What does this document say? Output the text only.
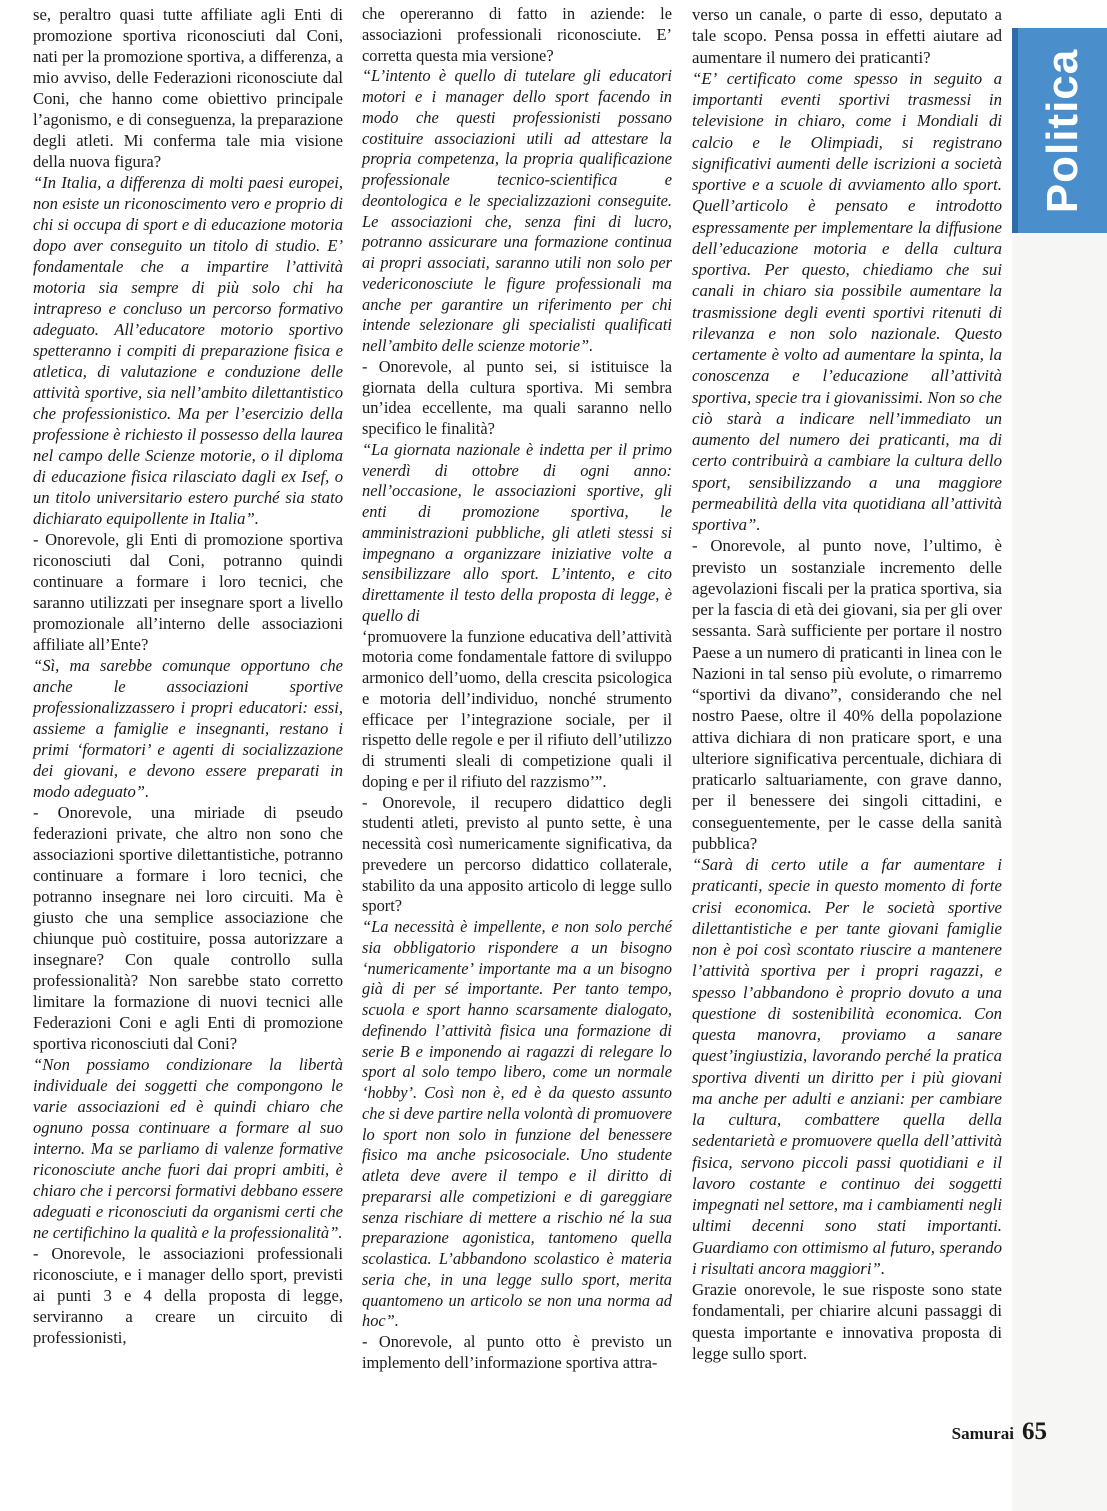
Politica

se, peraltro quasi tutte affiliate agli Enti di promozione sportiva riconosciuti dal Coni, nati per la promozione sportiva, a differenza, a mio avviso, delle Federazioni riconosciute dal Coni, che hanno come obiettivo principale l’agonismo, e di conseguenza, la preparazione degli atleti. Mi conferma tale mia visione della nuova figura?

“In Italia, a differenza di molti paesi europei, non esiste un riconoscimento vero e proprio di chi si occupa di sport e di educazione motoria dopo aver conseguito un titolo di studio. E’ fondamentale che a impartire l’attività motoria sia sempre di più solo chi ha intrapreso e concluso un percorso formativo adeguato. All’educatore motorio sportivo spetteranno i compiti di preparazione fisica e atletica, di valutazione e conduzione delle attività sportive, sia nell’ambito dilettantistico che professionistico. Ma per l’esercizio della professione è richiesto il possesso della laurea nel campo delle Scienze motorie, o il diploma di educazione fisica rilasciato dagli ex Isef, o un titolo universitario estero purché sia stato dichiarato equipollente in Italia”.

- Onorevole, gli Enti di promozione sportiva riconosciuti dal Coni, potranno quindi continuare a formare i loro tecnici, che saranno utilizzati per insegnare sport a livello promozionale all’interno delle associazioni affiliate all’Ente?

“Sì, ma sarebbe comunque opportuno che anche le associazioni sportive professionalizzassero i propri educatori: essi, assieme a famiglie e insegnanti, restano i primi ‘formatori’ e agenti di socializzazione dei giovani, e devono essere preparati in modo adeguato”.

- Onorevole, una miriade di pseudo federazioni private, che altro non sono che associazioni sportive dilettantistiche, potranno continuare a formare i loro tecnici, che potranno insegnare nei loro circuiti. Ma è giusto che una semplice associazione che chiunque può costituire, possa autorizzare a insegnare? Con quale controllo sulla professionalità? Non sarebbe stato corretto limitare la formazione di nuovi tecnici alle Federazioni Coni e agli Enti di promozione sportiva riconosciuti dal Coni?

“Non possiamo condizionare la libertà individuale dei soggetti che compongono le varie associazioni ed è quindi chiaro che ognuno possa continuare a formare al suo interno. Ma se parliamo di valenze formative riconosciute anche fuori dai propri ambiti, è chiaro che i percorsi formativi debbano essere adeguati e riconosciuti da organismi certi che ne certifichino la qualità e la professionalità”.

- Onorevole, le associazioni professionali riconosciute, e i manager dello sport, previsti ai punti 3 e 4 della proposta di legge, serviranno a creare un circuito di professionisti,

che opereranno di fatto in aziende: le associazioni professionali riconosciute. E’ corretta questa mia versione?

“L’intento è quello di tutelare gli educatori motori e i manager dello sport facendo in modo che questi professionisti possano costituire associazioni utili ad attestare la propria competenza, la propria qualificazione professionale tecnico-scientifica e deontologica e le specializzazioni conseguite. Le associazioni che, senza fini di lucro, potranno assicurare una formazione continua ai propri associati, saranno utili non solo per vedericonosciute le figure professionali ma anche per garantire un riferimento per chi intende selezionare gli specialisti qualificati nell’ambito delle scienze motorie”.

- Onorevole, al punto sei, si istituisce la giornata della cultura sportiva. Mi sembra un’idea eccellente, ma quali saranno nello specifico le finalità?

“La giornata nazionale è indetta per il primo venerdì di ottobre di ogni anno: nell’occasione, le associazioni sportive, gli enti di promozione sportiva, le amministrazioni pubbliche, gli atleti stessi si impegnano a organizzare iniziative volte a sensibilizzare allo sport. L’intento, e cito direttamente il testo della proposta di legge, è quello di

‘promuovere la funzione educativa dell’attività motoria come fondamentale fattore di sviluppo armonico dell’uomo, della crescita psicologica e motoria dell’individuo, nonché strumento efficace per l’integrazione sociale, per il rispetto delle regole e per il rifiuto dell’utilizzo di strumenti sleali di competizione quali il doping e per il rifiuto del razzismo’”.

- Onorevole, il recupero didattico degli studenti atleti, previsto al punto sette, è una necessità così numericamente significativa, da prevedere un percorso didattico collaterale, stabilito da una apposito articolo di legge sullo sport?

“La necessità è impellente, e non solo perché sia obbligatorio rispondere a un bisogno ‘numericamente’ importante ma a un bisogno già di per sé importante. Per tanto tempo, scuola e sport hanno scarsamente dialogato, definendo l’attività fisica una formazione di serie B e imponendo ai ragazzi di relegare lo sport al solo tempo libero, come un normale ‘hobby’. Così non è, ed è da questo assunto che si deve partire nella volontà di promuovere lo sport non solo in funzione del benessere fisico ma anche psicosociale. Uno studente atleta deve avere il tempo e il diritto di prepararsi alle competizioni e di gareggiare senza rischiare di mettere a rischio né la sua preparazione agonistica, tantomeno quella scolastica. L’abbandono scolastico è materia seria che, in una legge sullo sport, merita quantomeno un articolo se non una norma ad hoc”.

- Onorevole, al punto otto è previsto un implemento dell’informazione sportiva attra-

verso un canale, o parte di esso, deputato a tale scopo. Pensa possa in effetti aiutare ad aumentare il numero dei praticanti?

“E’ certificato come spesso in seguito a importanti eventi sportivi trasmessi in televisione in chiaro, come i Mondiali di calcio e le Olimpiadi, si registrano significativi aumenti delle iscrizioni a società sportive e a scuole di avviamento allo sport. Quell’articolo è pensato e introdotto espressamente per implementare la diffusione dell’educazione motoria e della cultura sportiva. Per questo, chiediamo che sui canali in chiaro sia possibile aumentare la trasmissione degli eventi sportivi ritenuti di rilevanza e non solo nazionale. Questo certamente è volto ad aumentare la spinta, la conoscenza e l’educazione all’attività sportiva, specie tra i giovanissimi. Non so che ciò starà a indicare nell’immediato un aumento del numero dei praticanti, ma di certo contribuirà a cambiare la cultura dello sport, sensibilizzando a una maggiore permeabilità della vita quotidiana all’attività sportiva”.

- Onorevole, al punto nove, l’ultimo, è previsto un sostanziale incremento delle agevolazioni fiscali per la pratica sportiva, sia per la fascia di età dei giovani, sia per gli over sessanta. Sarà sufficiente per portare il nostro Paese a un numero di praticanti in linea con le Nazioni in tal senso più evolute, o rimarremo “sportivi da divano”, considerando che nel nostro Paese, oltre il 40% della popolazione attiva dichiara di non praticare sport, e una ulteriore significativa percentuale, dichiara di praticarlo saltuariamente, con grave danno, per il benessere dei singoli cittadini, e conseguentemente, per le casse della sanità pubblica?

“Sarà di certo utile a far aumentare i praticanti, specie in questo momento di forte crisi economica. Per le società sportive dilettantistiche e per tante giovani famiglie non è poi così scontato riuscire a mantenere l’attività sportiva per i propri ragazzi, e spesso l’abbandono è proprio dovuto a una questione di sostenibilità economica. Con questa manovra, proviamo a sanare quest’ingiustizia, lavorando perché la pratica sportiva diventi un diritto per i più giovani ma anche per adulti e anziani: per cambiare la cultura, combattere quella della sedentarietà e promuovere quella dell’attività fisica, servono piccoli passi quotidiani e il lavoro costante e continuo dei soggetti impegnati nel settore, ma i cambiamenti negli ultimi decenni sono stati importanti. Guardiamo con ottimismo al futuro, sperando i risultati ancora maggiori”.

Grazie onorevole, le sue risposte sono state fondamentali, per chiarire alcuni passaggi di questa importante e innovativa proposta di legge sullo sport.

Samurai 65
